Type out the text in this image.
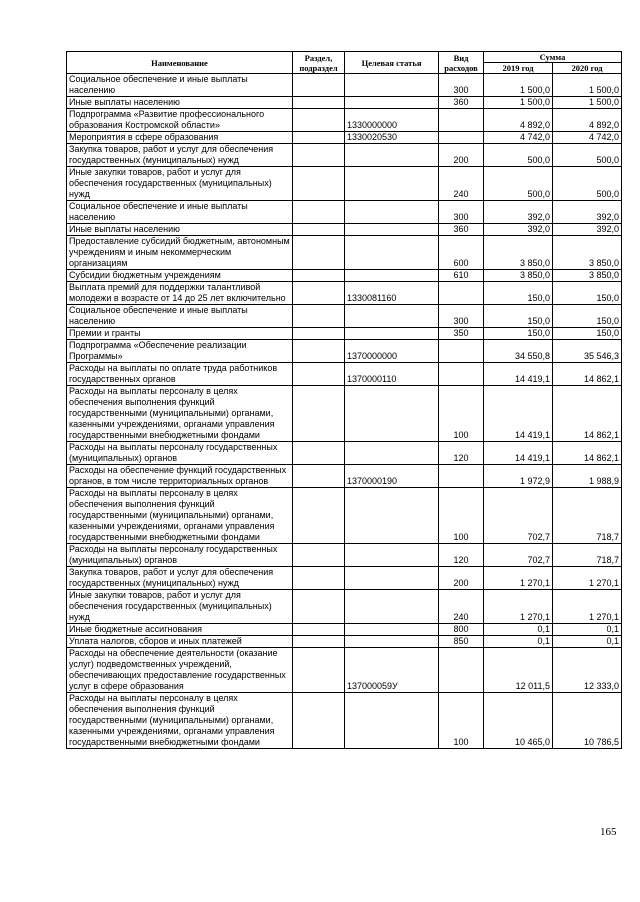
Наименование	Раздел, подраздел	Целевая статья	Вид расходов	Сумма	
				2019 год	2020 год
Социальное обеспечение и иные выплаты населению			300	1 500,0	1 500,0
Иные выплаты населению			360	1 500,0	1 500,0
Подпрограмма «Развитие профессионального образования Костромской области»		1330000000		4 892,0	4 892,0
Мероприятия в сфере образования		1330020530		4 742,0	4 742,0
Закупка товаров, работ и услуг для обеспечения государственных (муниципальных) нужд			200	500,0	500,0
Иные закупки товаров, работ и услуг для обеспечения государственных (муниципальных) нужд			240	500,0	500,0
Социальное обеспечение и иные выплаты населению			300	392,0	392,0
Иные выплаты населению			360	392,0	392,0
Предоставление субсидий бюджетным, автономным учреждениям и иным некоммерческим организациям			600	3 850,0	3 850,0
Субсидии бюджетным учреждениям			610	3 850,0	3 850,0
Выплата премий для поддержки талантливой молодежи в возрасте от 14 до 25 лет включительно		1330081160		150,0	150,0
Социальное обеспечение и иные выплаты населению			300	150,0	150,0
Премии и гранты			350	150,0	150,0
Подпрограмма «Обеспечение реализации Программы»		1370000000		34 550,8	35 546,3
Расходы на выплаты по оплате труда работников государственных органов		1370000110		14 419,1	14 862,1
Расходы на выплаты персоналу в целях обеспечения выполнения функций государственными (муниципальными) органами, казенными учреждениями, органами управления государственными внебюджетными фондами			100	14 419,1	14 862,1
Расходы на выплаты персоналу государственных (муниципальных) органов			120	14 419,1	14 862,1
Расходы на обеспечение функций государственных органов, в том числе территориальных органов		1370000190		1 972,9	1 988,9
Расходы на выплаты персоналу в целях обеспечения выполнения функций государственными (муниципальными) органами, казенными учреждениями, органами управления государственными внебюджетными фондами			100	702,7	718,7
Расходы на выплаты персоналу государственных (муниципальных) органов			120	702,7	718,7
Закупка товаров, работ и услуг для обеспечения государственных (муниципальных) нужд			200	1 270,1	1 270,1
Иные закупки товаров, работ и услуг для обеспечения государственных (муниципальных) нужд			240	1 270,1	1 270,1
Иные бюджетные ассигнования			800	0,1	0,1
Уплата налогов, сборов и иных платежей			850	0,1	0,1
Расходы на обеспечение деятельности (оказание услуг) подведомственных учреждений, обеспечивающих предоставление государственных услуг в сфере образования		137000059У		12 011,5	12 333,0
Расходы на выплаты персоналу в целях обеспечения выполнения функций государственными (муниципальными) органами, казенными учреждениями, органами управления государственными внебюджетными фондами			100	10 465,0	10 786,5
165
